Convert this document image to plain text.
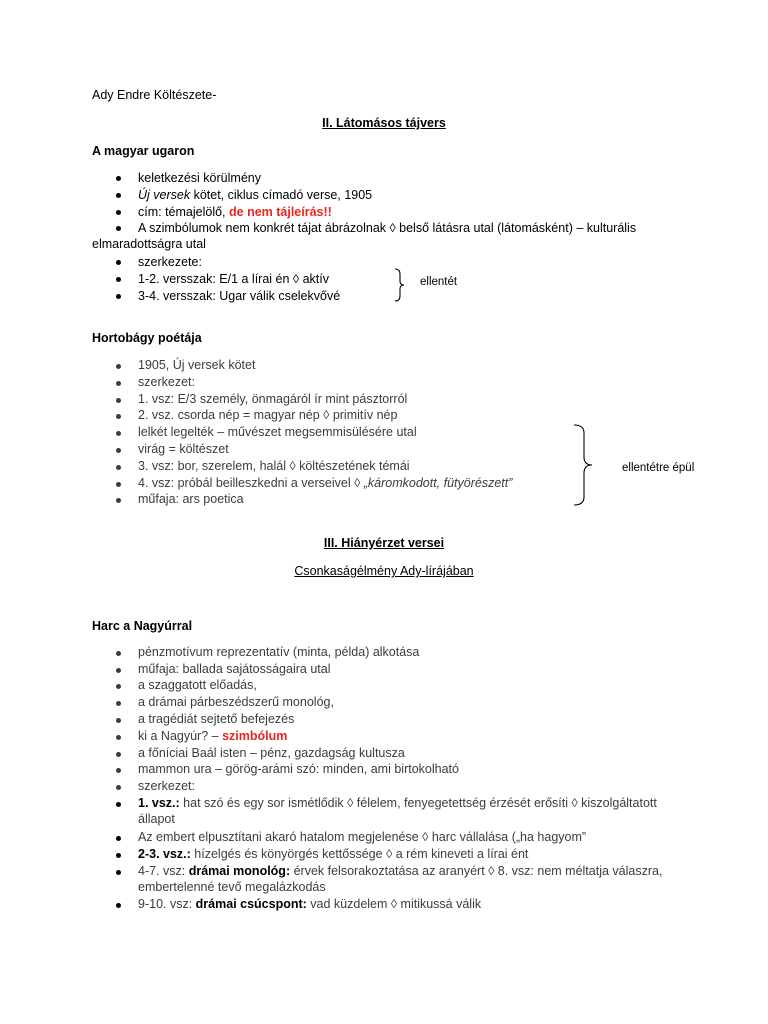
Ady Endre Költészete-
II. Látomásos tájvers
A magyar ugaron
keletkezési körülmény
Új versek kötet, ciklus címadó verse, 1905
cím: témajelölő, de nem tájleírás!!
A szimbólumok nem konkrét tájat ábrázolnak ◊ belső látásra utal (látomásként) – kulturális
elmaradottságra utal
szerkezete:
1-2. versszak: E/1 a lírai én ◊ aktív
3-4. versszak: Ugar válik cselekvővé
ellentét
Hortobágy poétája
1905, Új versek kötet
szerkezet:
1. vsz: E/3 személy, önmagáról ír mint pásztorról
2. vsz. csorda nép = magyar nép ◊ primitív nép
lelkét legelték – művészet megsemmisülésére utal
virág = költészet
3. vsz: bor, szerelem, halál ◊ költészetének témái
4. vsz: próbál beilleszkedni a verseivel ◊ „káromkodott, fütyörészett”
műfaja: ars poetica
ellentétre épül
III. Hiányérzet versei
Csonkaságélmény Ady-lírájában
Harc a Nagyúrral
pénzmotívum reprezentatív (minta, példa) alkotása
műfaja: ballada sajátosságaira utal
a szaggatott előadás,
a drámai párbeszédszerű monológ,
a tragédiát sejtető befejezés
ki a Nagyúr? – szimbólum
a főníciai Baál isten – pénz, gazdagság kultusza
mammon ura – görög-arámi szó: minden, ami birtokolható
szerkezet:
1. vsz.: hat szó és egy sor ismétlődik ◊ félelem, fenyegetettség érzését erősíti ◊ kiszolgáltatott
állapot
Az embert elpusztítani akaró hatalom megjelenése ◊ harc vállalása („ha hagyom”
2-3. vsz.: hízelgés és könyörgés kettőssége ◊ a rém kineveti a lírai ént
4-7. vsz: drámai monológ: érvek felsorakoztatása az aranyért ◊ 8. vsz: nem méltatja válaszra,
embertelenné tevő megalázkodás
9-10. vsz: drámai csúcspont: vad küzdelem ◊ mitikussá válik
